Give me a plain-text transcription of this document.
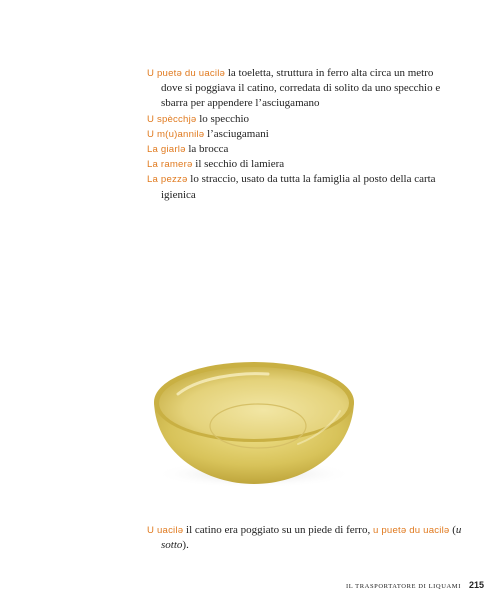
U puetə du uacilə la toeletta, struttura in ferro alta circa un metro dove si poggiava il catino, corredata di solito da uno specchio e sbarra per appendere l’asciugamano

U spècchjə lo specchio

U m(u)annilə l’asciugamani

La giarlə la brocca

La ramerə il secchio di lamiera

La pezzə lo straccio, usato da tutta la famiglia al posto della carta igienica

U uacilə il catino era poggiato su un piede di ferro, u puetə du uacilə (u sotto).

IL TRASPORTATORE DI LIQUAMI 215
